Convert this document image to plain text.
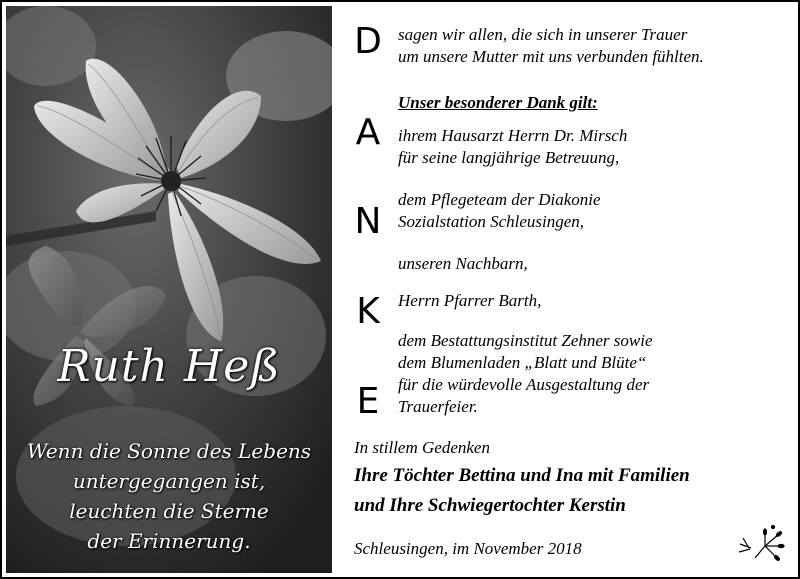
Ruth Heß
Wenn die Sonne des Lebens
untergegangen ist,
leuchten die Sterne
der Erinnerung.
D
A
N
K
E
sagen wir allen, die sich in unserer Trauer
um unsere Mutter mit uns verbunden fühlten.
Unser besonderer Dank gilt:
ihrem Hausarzt Herrn Dr. Mirsch
für seine langjährige Betreuung,
dem Pflegeteam der Diakonie
Sozialstation Schleusingen,
unseren Nachbarn,
Herrn Pfarrer Barth,
dem Bestattungsinstitut Zehner sowie
dem Blumenladen „Blatt und Blüte“
für die würdevolle Ausgestaltung der
Trauerfeier.
In stillem Gedenken
Ihre Töchter Bettina und Ina mit Familien
und Ihre Schwiegertochter Kerstin
Schleusingen, im November 2018
